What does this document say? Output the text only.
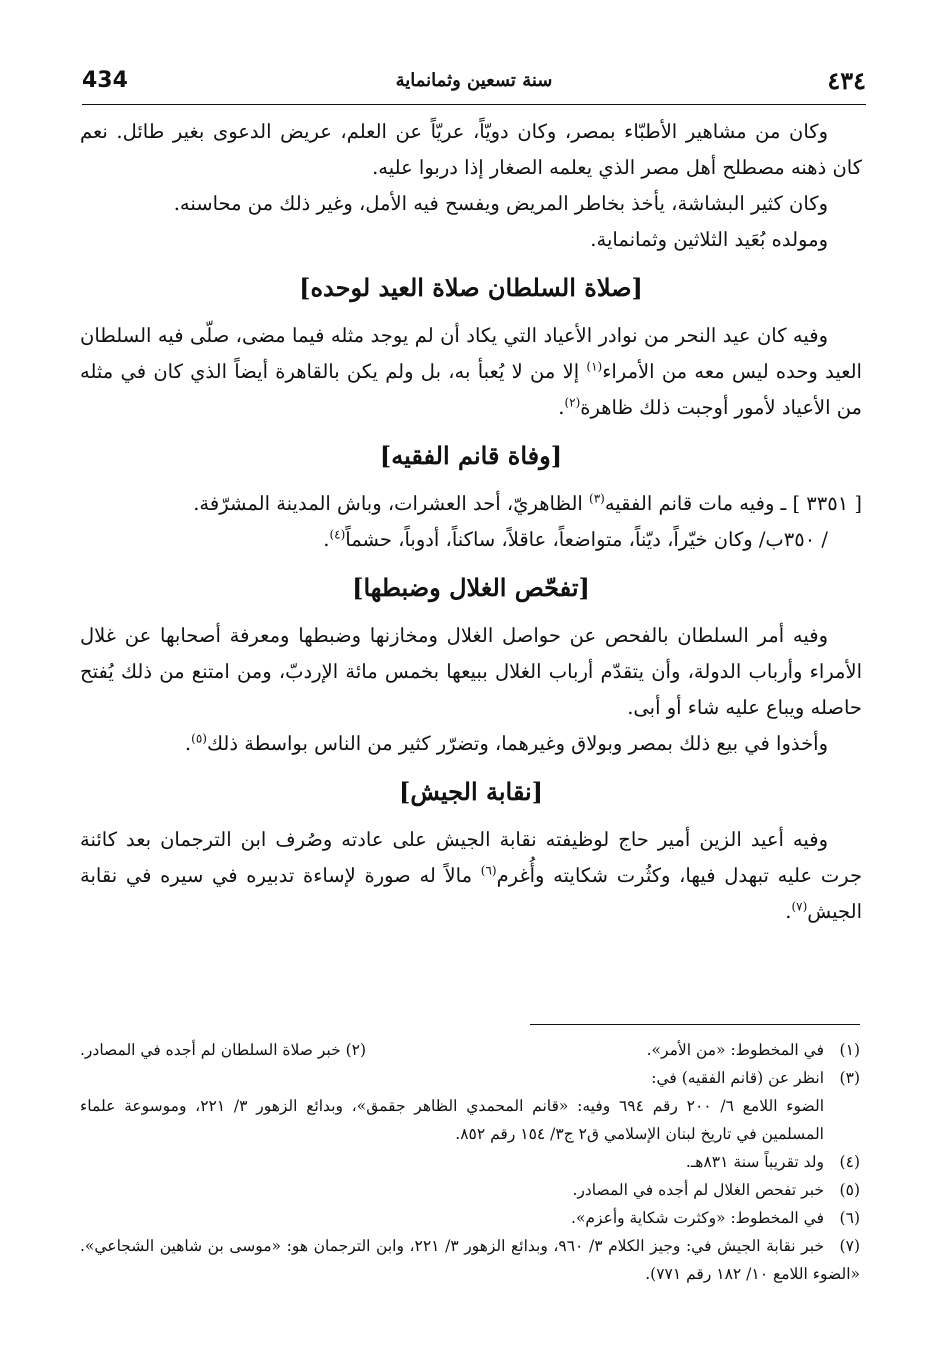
434	سنة تسعين وثمانماية	٤٣٤

وكان من مشاهير الأطبّاء بمصر، وكان دويّاً، عريّاً عن العلم، عريض الدعوى بغير طائل. نعم كان ذهنه مصطلح أهل مصر الذي يعلمه الصغار إذا دربوا عليه.

وكان كثير البشاشة، يأخذ بخاطر المريض ويفسح فيه الأمل، وغير ذلك من محاسنه.

ومولده بُعَيد الثلاثين وثمانماية.

[صلاة السلطان صلاة العيد لوحده]

وفيه كان عيد النحر من نوادر الأعياد التي يكاد أن لم يوجد مثله فيما مضى، صلّى فيه السلطان العيد وحده ليس معه من الأمراء$^{(١)}$ إلا من لا يُعبأ به، بل ولم يكن بالقاهرة أيضاً الذي كان في مثله من الأعياد لأمور أوجبت ذلك ظاهرة$^{(٢)}$.

[وفاة قانم الفقيه]

[ ٣٣٥١ ] ـ وفيه مات قانم الفقيه$^{(٣)}$ الظاهريّ، أحد العشرات، وباش المدينة المشرّفة.

/ ٣٥٠ب/ وكان خيّراً، ديّناً، متواضعاً، عاقلاً، ساكناً، أدوباً، حشماً$^{(٤)}$.

[تفحّص الغلال وضبطها]

وفيه أمر السلطان بالفحص عن حواصل الغلال ومخازنها وضبطها ومعرفة أصحابها عن غلال الأمراء وأرباب الدولة، وأن يتقدّم أرباب الغلال ببيعها بخمس مائة الإردبّ، ومن امتنع من ذلك يُفتح حاصله ويباع عليه شاء أو أبى.

وأخذوا في بيع ذلك بمصر وبولاق وغيرهما، وتضرّر كثير من الناس بواسطة ذلك$^{(٥)}$.

[نقابة الجيش]

وفيه أعيد الزين أمير حاج لوظيفته نقابة الجيش على عادته وصُرف ابن الترجمان بعد كائنة جرت عليه تبهدل فيها، وكثُرت شكايته وأُغرم$^{(٦)}$ مالاً له صورة لإساءة تدبيره في سيره في نقابة الجيش$^{(٧)}$.

(١)في المخطوط: «من الأمر».
(٢) خبر صلاة السلطان لم أجده في المصادر.
(٣)انظر عن (قانم الفقيه) في:
الضوء اللامع ٦/ ٢٠٠ رقم ٦٩٤ وفيه: «قانم المحمدي الظاهر جقمق»، وبدائع الزهور ٣/ ٢٢١، وموسوعة علماء المسلمين في تاريخ لبنان الإسلامي ق٢ ج٣/ ١٥٤ رقم ٨٥٢.
(٤)ولد تقريباً سنة ٨٣١هـ.
(٥)خبر تفحص الغلال لم أجده في المصادر.
(٦)في المخطوط: «وكثرت شكاية وأعزم».
(٧)خبر نقابة الجيش في: وجيز الكلام ٣/ ٩٦٠، وبدائع الزهور ٣/ ٢٢١، وابن الترجمان هو: «موسى بن شاهين الشجاعي». «الضوء اللامع ١٠/ ١٨٢ رقم ٧٧١).
